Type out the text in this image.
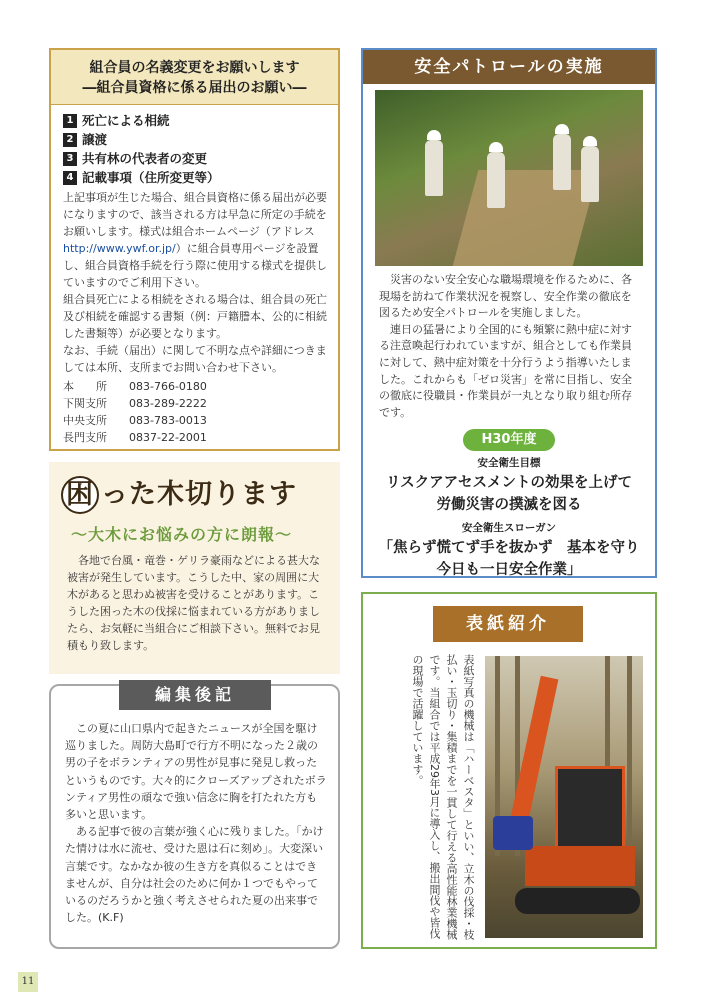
組合員の名義変更をお願いします
―組合員資格に係る届出のお願い―
1 死亡による相続
2 譲渡
3 共有林の代表者の変更
4 記載事項（住所変更等）

上記事項が生じた場合、組合員資格に係る届出が必要になりますので、該当される方は早急に所定の手続をお願いします。様式は組合ホームページ（アドレス　http://www.ywf.or.jp/）に組合員専用ページを設置し、組合員資格手続を行う際に使用する様式を提供していますのでご利用下さい。

組合員死亡による相続をされる場合は、組合員の死亡及び相続を確認する書類（例：戸籍謄本、公的に相続した書類等）が必要となります。

なお、手続（届出）に関して不明な点や詳細につきましては本所、支所までお問い合わせ下さい。

本　　所	083-766-0180
下関支所	083-289-2222
中央支所	083-783-0013
長門支所	0837-22-2001
困 った木切ります
〜大木にお悩みの方に朗報〜
各地で台風・竜巻・ゲリラ豪雨などによる甚大な被害が発生しています。こうした中、家の周囲に大木があると思わぬ被害を受けることがあります。こうした困った木の伐採に悩まれている方がありましたら、お気軽に当組合にご相談下さい。無料でお見積もり致します。
編集後記

この夏に山口県内で起きたニュースが全国を駆け巡りました。周防大島町で行方不明になった２歳の男の子をボランティアの男性が見事に発見し救ったというものです。大々的にクローズアップされたボランティア男性の頑なで強い信念に胸を打たれた方も多いと思います。

ある記事で彼の言葉が強く心に残りました。「かけた情けは水に流せ、受けた恩は石に刻め」。大変深い言葉です。なかなか彼の生き方を真似ることはできませんが、自分は社会のために何か１つでもやっているのだろうかと強く考えさせられた夏の出来事でした。(K.F)

安全パトロールの実施

災害のない安全安心な職場環境を作るために、各現場を訪ねて作業状況を視察し、安全作業の徹底を図るため安全パトロールを実施しました。

連日の猛暑により全国的にも頻繁に熱中症に対する注意喚起行われていますが、組合としても作業員に対して、熱中症対策を十分行うよう指導いたしました。これからも「ゼロ災害」を常に目指し、安全の徹底に役職員・作業員が一丸となり取り組む所存です。

H30年度
安全衛生目標
リスクアアセスメントの効果を上げて
労働災害の撲滅を図る
安全衛生スローガン
「焦らず慌てず手を抜かず　基本を守り
今日も一日安全作業」
表紙紹介
表紙写真の機械は「ハーベスタ」といい、立木の伐採・枝払い・玉切り・集積までを一貫して行える高性能林業機械です。当組合では平成29年3月に導入し、搬出間伐や皆伐の現場で活躍しています。
11
